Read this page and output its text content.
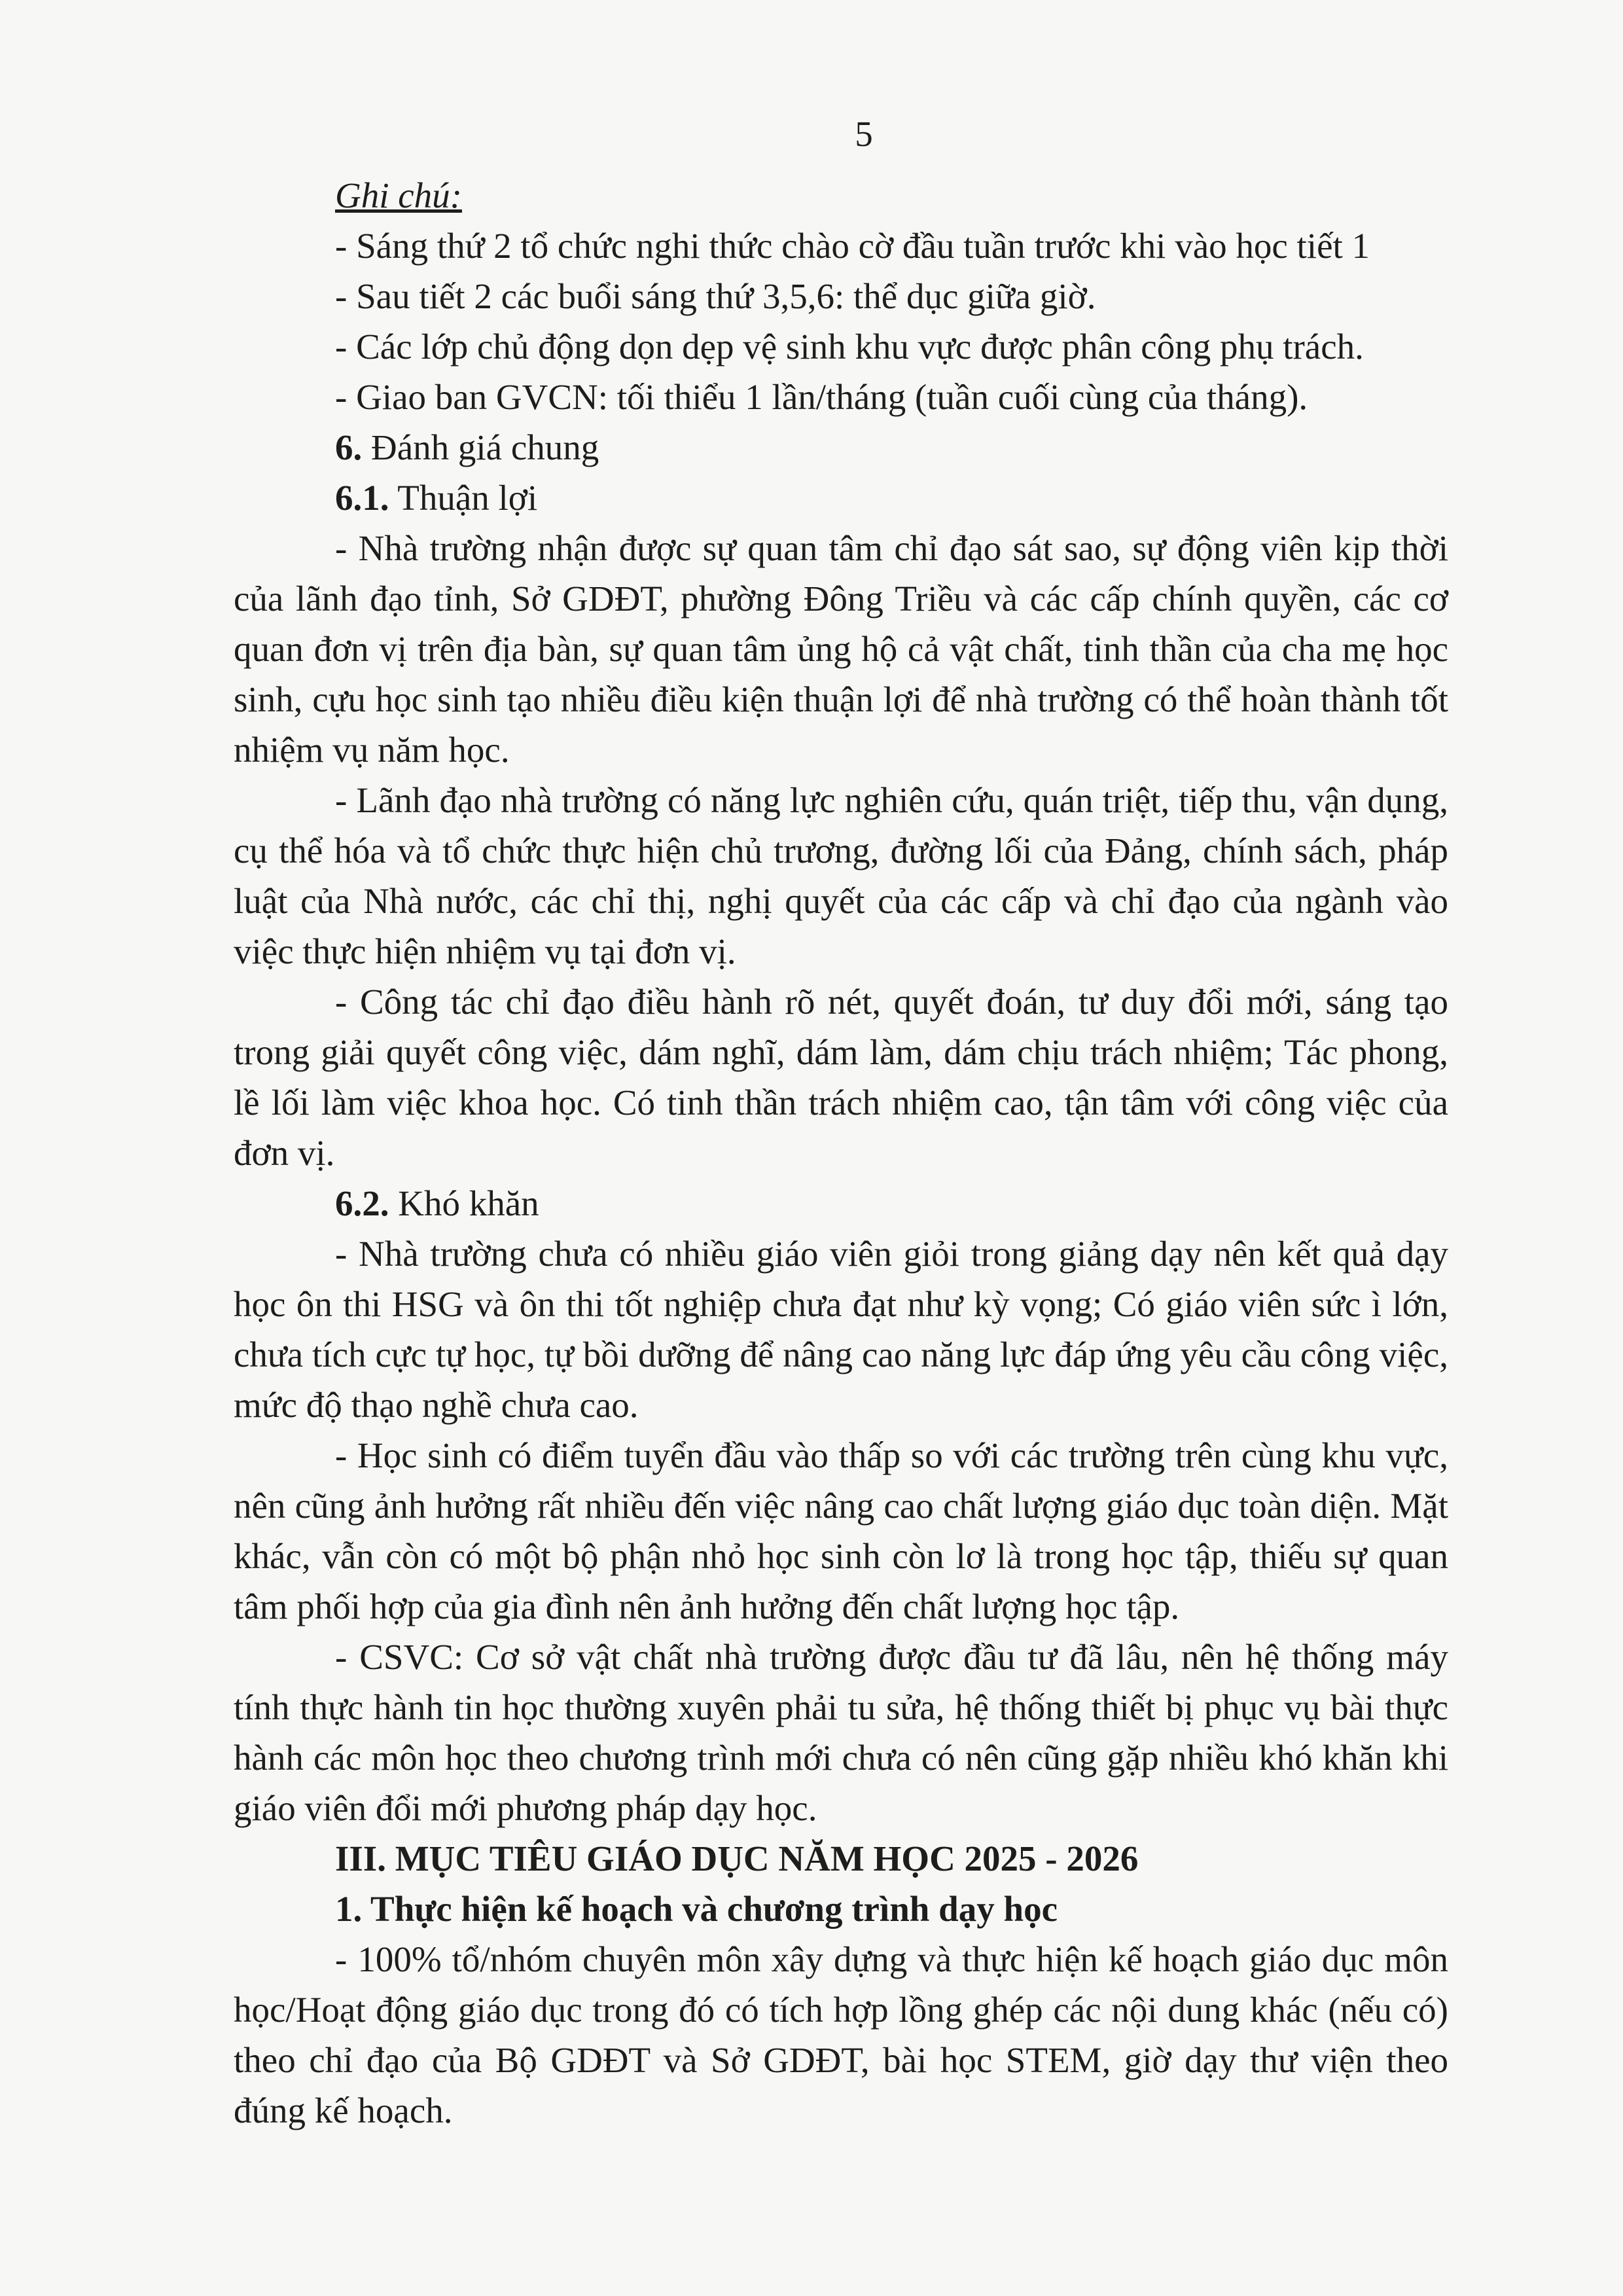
5

Ghi chú:

- Sáng thứ 2 tổ chức nghi thức chào cờ đầu tuần trước khi vào học tiết 1

- Sau tiết 2 các buổi sáng thứ 3,5,6: thể dục giữa giờ.

- Các lớp chủ động dọn dẹp vệ sinh khu vực được phân công phụ trách.

- Giao ban GVCN: tối thiểu 1 lần/tháng (tuần cuối cùng của tháng).

6. Đánh giá chung

6.1. Thuận lợi

- Nhà trường nhận được sự quan tâm chỉ đạo sát sao, sự động viên kịp thời của lãnh đạo tỉnh, Sở GDĐT, phường Đông Triều và các cấp chính quyền, các cơ quan đơn vị trên địa bàn, sự quan tâm ủng hộ cả vật chất, tinh thần của cha mẹ học sinh, cựu học sinh tạo nhiều điều kiện thuận lợi để nhà trường có thể hoàn thành tốt nhiệm vụ năm học.

- Lãnh đạo nhà trường có năng lực nghiên cứu, quán triệt, tiếp thu, vận dụng, cụ thể hóa và tổ chức thực hiện chủ trương, đường lối của Đảng, chính sách, pháp luật của Nhà nước, các chỉ thị, nghị quyết của các cấp và chỉ đạo của ngành vào việc thực hiện nhiệm vụ tại đơn vị.

- Công tác chỉ đạo điều hành rõ nét, quyết đoán, tư duy đổi mới, sáng tạo trong giải quyết công việc, dám nghĩ, dám làm, dám chịu trách nhiệm; Tác phong, lề lối làm việc khoa học. Có tinh thần trách nhiệm cao, tận tâm với công việc của đơn vị.

6.2. Khó khăn

- Nhà trường chưa có nhiều giáo viên giỏi trong giảng dạy nên kết quả dạy học ôn thi HSG và ôn thi tốt nghiệp chưa đạt như kỳ vọng; Có giáo viên sức ì lớn, chưa tích cực tự học, tự bồi dưỡng để nâng cao năng lực đáp ứng yêu cầu công việc, mức độ thạo nghề chưa cao.

- Học sinh có điểm tuyển đầu vào thấp so với các trường trên cùng khu vực, nên cũng ảnh hưởng rất nhiều đến việc nâng cao chất lượng giáo dục toàn diện. Mặt khác, vẫn còn có một bộ phận nhỏ học sinh còn lơ là trong học tập, thiếu sự quan tâm phối hợp của gia đình nên ảnh hưởng đến chất lượng học tập.

- CSVC: Cơ sở vật chất nhà trường được đầu tư đã lâu, nên hệ thống máy tính thực hành tin học thường xuyên phải tu sửa, hệ thống thiết bị phục vụ bài thực hành các môn học theo chương trình mới chưa có nên cũng gặp nhiều khó khăn khi giáo viên đổi mới phương pháp dạy học.

III. MỤC TIÊU GIÁO DỤC NĂM HỌC 2025 - 2026

1. Thực hiện kế hoạch và chương trình dạy học

- 100% tổ/nhóm chuyên môn xây dựng và thực hiện kế hoạch giáo dục môn học/Hoạt động giáo dục trong đó có tích hợp lồng ghép các nội dung khác (nếu có) theo chỉ đạo của Bộ GDĐT và Sở GDĐT, bài học STEM, giờ dạy thư viện theo đúng kế hoạch.
